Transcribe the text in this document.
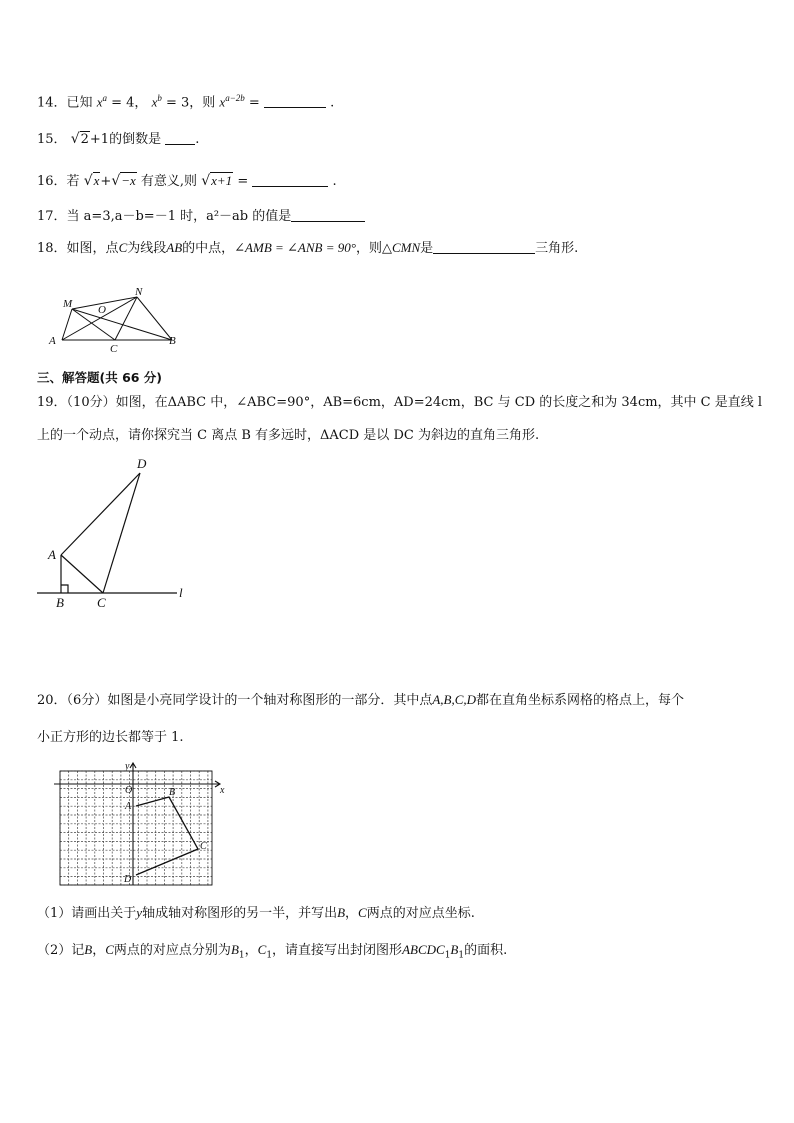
14．已知 $x^a = 4$， $x^b = 3$，则 $x^{a-2b}$ =	.
15． √2+1的倒数是	.
16．若 √x+√−x 有意义,则 √x+1 =	.
17．当 a=3,a－b=－1 时，a²－ab 的值是
18．如图，点C为线段AB的中点，∠AMB = ∠ANB = 90°，则△CMN是	三角形.
M
N
O
A
C
B
三、解答题(共 66 分)
19．（10分）如图，在ΔABC 中，∠ABC=90°，AB=6cm，AD=24cm，BC 与 CD 的长度之和为 34cm，其中 C 是直线 l
上的一个动点，请你探究当 C 离点 B 有多远时，ΔACD 是以 DC 为斜边的直角三角形.
D
A
B	C
l
20．（6分）如图是小亮同学设计的一个轴对称图形的一部分．其中点A,B,C,D都在直角坐标系网格的格点上，每个
小正方形的边长都等于 1.
y
x
O
A
B
C
D
（1）请画出关于y轴成轴对称图形的另一半，并写出B，C两点的对应点坐标.
（2）记B，C两点的对应点分别为$B_1$，$C_1$，请直接写出封闭图形$ABCDC_1B_1$的面积.
